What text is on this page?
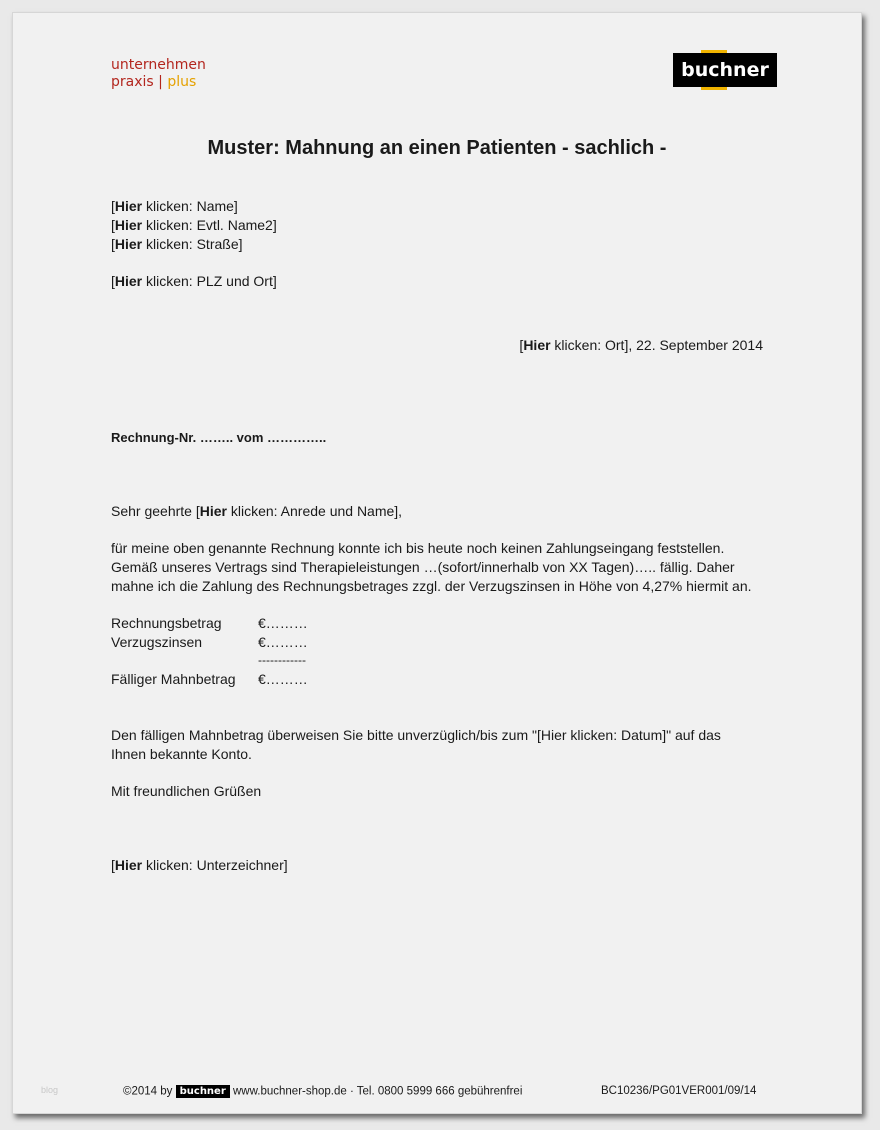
unternehmen
praxis | plus
buchner
Muster: Mahnung an einen Patienten - sachlich -
[Hier klicken: Name]
[Hier klicken: Evtl. Name2]
[Hier klicken: Straße]
[Hier klicken: PLZ und Ort]
[Hier klicken: Ort], 22. September 2014
Rechnung-Nr. …….. vom …………..
Sehr geehrte [Hier klicken: Anrede und Name],
für meine oben genannte Rechnung konnte ich bis heute noch keinen Zahlungseingang feststellen.
Gemäß unseres Vertrags sind Therapieleistungen …(sofort/innerhalb von XX Tagen)….. fällig. Daher
mahne ich die Zahlung des Rechnungsbetrages zzgl. der Verzugszinsen in Höhe von 4,27% hiermit an.
Rechnungsbetrag	€………
Verzugszinsen	€………
------------
Fälliger Mahnbetrag €………
Den fälligen Mahnbetrag überweisen Sie bitte unverzüglich/bis zum "[Hier klicken: Datum]" auf das
Ihnen bekannte Konto.
Mit freundlichen Grüßen
[Hier klicken: Unterzeichner]
blog	©2014 by buchner www.buchner-shop.de · Tel. 0800 5999 666 gebührenfrei	BC10236/PG01VER001/09/14
